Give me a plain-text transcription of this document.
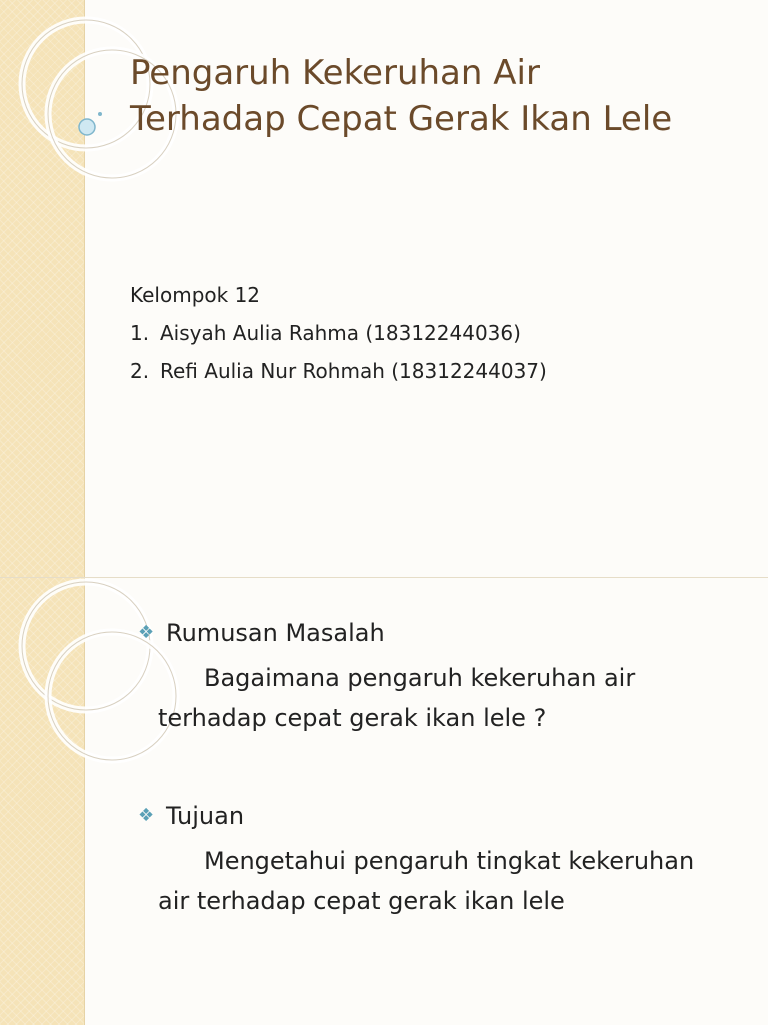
Pengaruh Kekeruhan Air
Terhadap Cepat Gerak Ikan Lele
Kelompok 12
1. Aisyah Aulia Rahma (18312244036)
2. Refi Aulia Nur Rohmah (18312244037)
❖ Rumusan Masalah
Bagaimana pengaruh kekeruhan air terhadap cepat gerak ikan lele ?
❖ Tujuan
Mengetahui pengaruh tingkat kekeruhan air terhadap cepat gerak ikan lele
